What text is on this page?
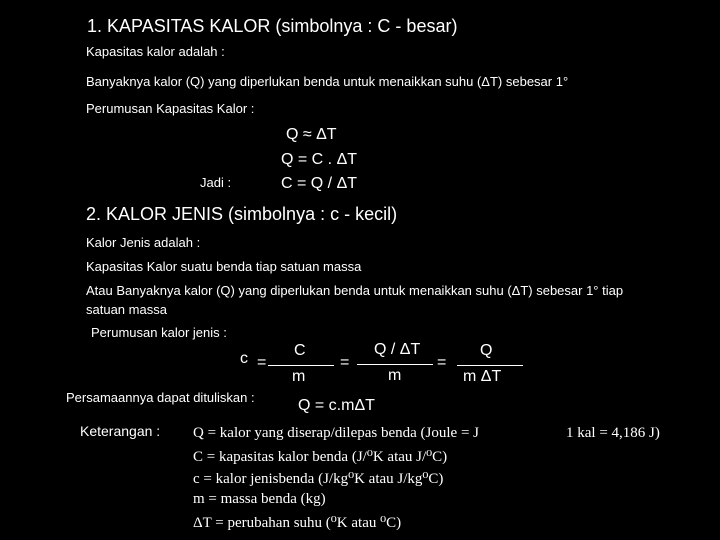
1. KAPASITAS KALOR (simbolnya : C - besar)
Kapasitas kalor adalah :
Banyaknya kalor (Q) yang diperlukan benda untuk menaikkan suhu (ΔT) sebesar 1°
Perumusan Kapasitas Kalor :
Q ≈ ΔT
Q = C . ΔT
Jadi :	C = Q / ΔT
2. KALOR JENIS (simbolnya : c - kecil)
Kalor Jenis adalah :
Kapasitas Kalor suatu benda tiap satuan massa
Atau Banyaknya kalor (Q) yang diperlukan benda untuk menaikkan suhu (ΔT) sebesar 1° tiap
satuan massa
Perumusan kalor jenis :
c =
C
m
=
Q / ΔT
m
=
Q
m ΔT
Persamaannya dapat dituliskan :	Q = c.mΔT
Keterangan : Q = kalor yang diserap/dilepas benda (Joule = J	1 kal = 4,186 J)
C = kapasitas kalor benda (J/⁰K atau J/⁰C)
c = kalor jenisbenda (J/kg⁰K atau J/kg⁰C)
m = massa benda (kg)
ΔT = perubahan suhu (⁰K atau ⁰C)
